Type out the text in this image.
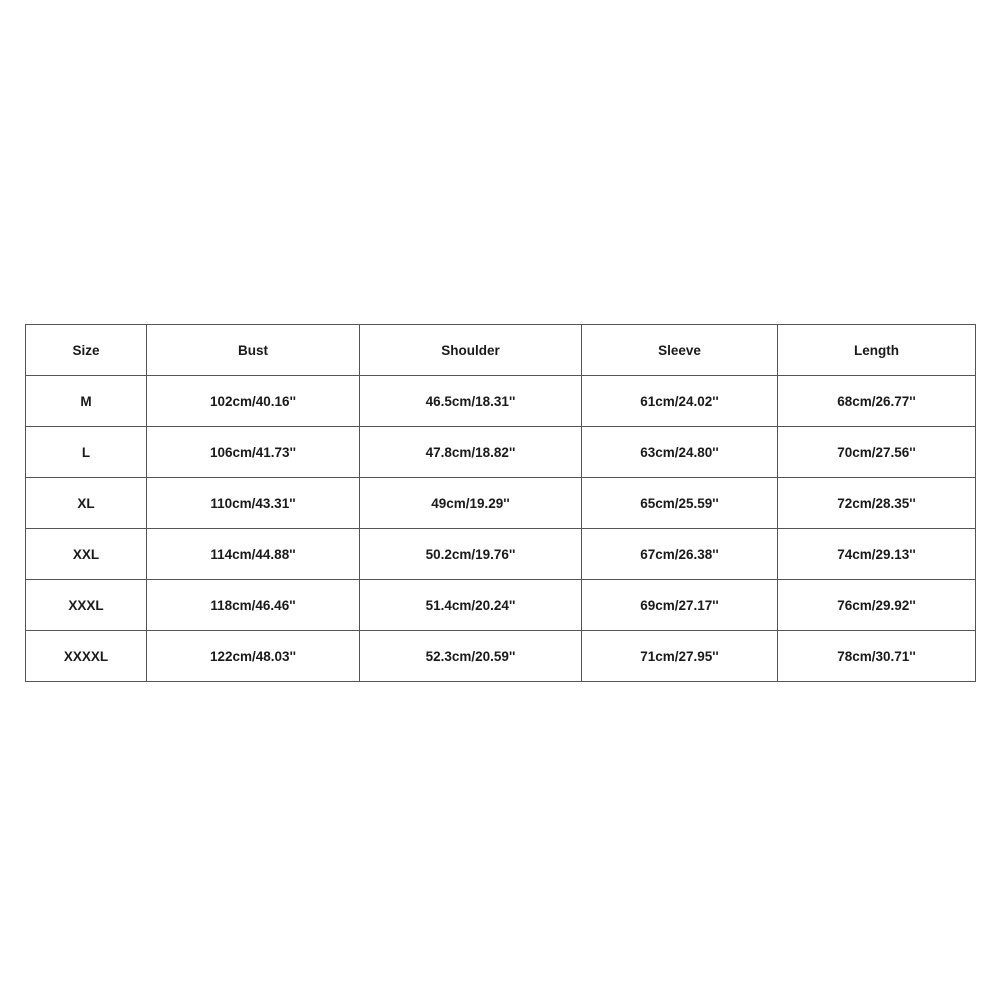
Size	Bust	Shoulder	Sleeve	Length
M	102cm/40.16''	46.5cm/18.31''	61cm/24.02''	68cm/26.77''
L	106cm/41.73''	47.8cm/18.82''	63cm/24.80''	70cm/27.56''
XL	110cm/43.31''	49cm/19.29''	65cm/25.59''	72cm/28.35''
XXL	114cm/44.88''	50.2cm/19.76''	67cm/26.38''	74cm/29.13''
XXXL	118cm/46.46''	51.4cm/20.24''	69cm/27.17''	76cm/29.92''
XXXXL	122cm/48.03''	52.3cm/20.59''	71cm/27.95''	78cm/30.71''
